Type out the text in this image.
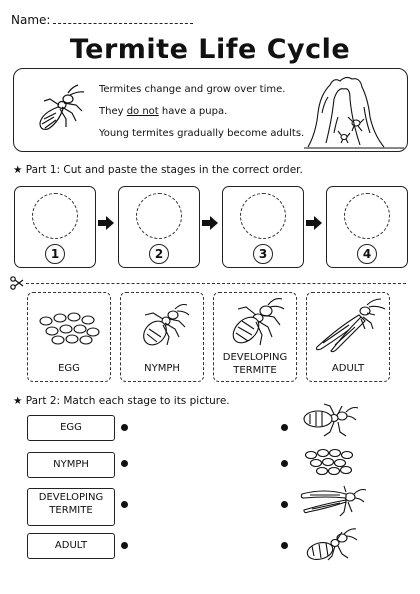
Name:
Termite Life Cycle
Termites change and grow over time.
They do not have a pupa.
Young termites gradually become adults.
★ Part 1: Cut and paste the stages in the correct order.
1	2	3	4
EGG	NYMPH
DEVELOPING
TERMITE	ADULT
★ Part 2: Match each stage to its picture.
EGG
NYMPH
DEVELOPING
TERMITE
ADULT
